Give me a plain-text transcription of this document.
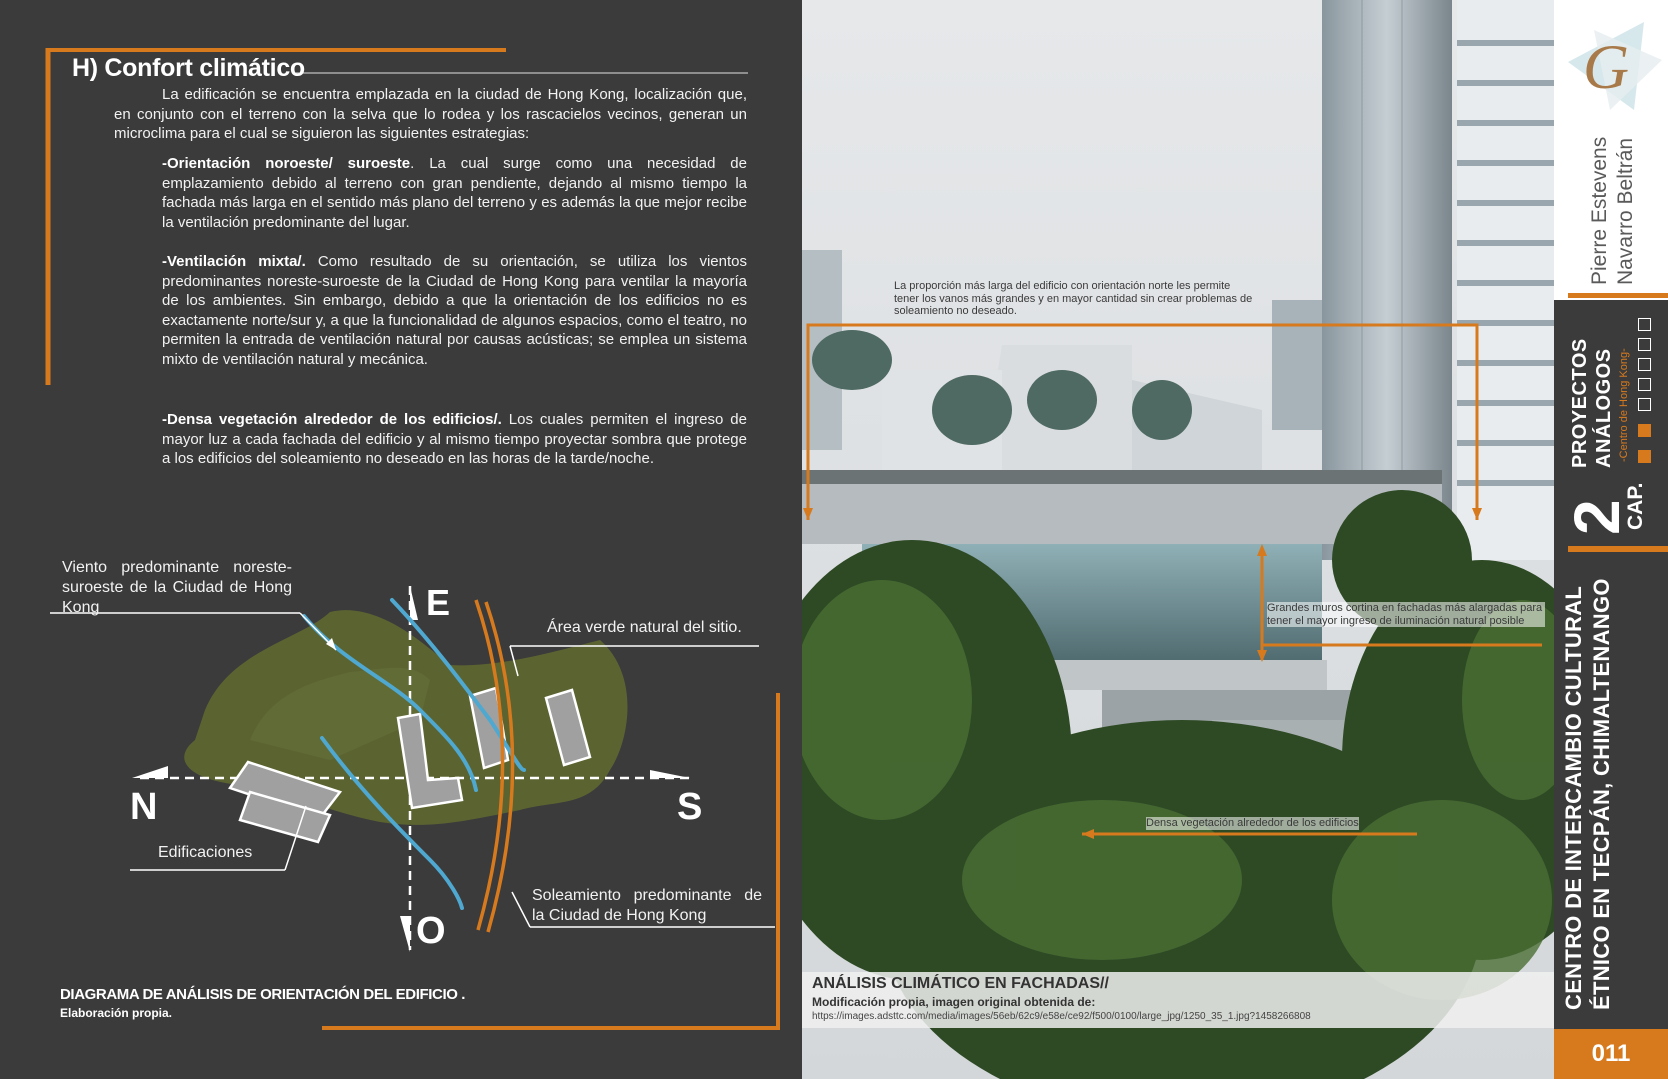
H) Confort climático
La edificación se encuentra emplazada en la ciudad de Hong Kong, localización que, en conjunto con el terreno con la selva que lo rodea y los rascacielos vecinos, generan un microclima para el cual se siguieron las siguientes estrategias:
-Orientación noroeste/ suroeste. La cual surge como una necesidad de emplazamiento debido al terreno con gran pendiente, dejando al mismo tiempo la fachada más larga en el sentido más plano del terreno y es además la que mejor recibe la ventilación predominante del lugar.
-Ventilación mixta/. Como resultado de su orientación, se utiliza los vientos predominantes noreste-suroeste de la Ciudad de Hong Kong para ventilar la mayoría de los ambientes. Sin embargo, debido a que la orientación de los edificios no es exactamente norte/sur y, a que la funcionalidad de algunos espacios, como el teatro, no permiten la entrada de ventilación natural por causas acústicas; se emplea un sistema mixto de ventilación natural y mecánica.
-Densa vegetación alrededor de los edificios/. Los cuales permiten el ingreso de mayor luz a cada fachada del edificio y al mismo tiempo proyectar sombra que protege a los edificios del soleamiento no deseado en las horas de la tarde/noche.
Viento predominante noreste-suroeste de la Ciudad de Hong Kong
Área verde natural del sitio.
Edificaciones
Soleamiento predominante de la Ciudad de Hong Kong
N	S
E
O
DIAGRAMA DE ANÁLISIS DE ORIENTACIÓN DEL EDIFICIO .
Elaboración propia.
La proporción más larga del edificio con orientación norte les permite tener los vanos más grandes y en mayor cantidad sin crear problemas de soleamiento no deseado.
Grandes muros cortina en fachadas más alargadas para tener el mayor ingreso de iluminación natural posible
Densa vegetación alrededor de los edificios
ANÁLISIS CLIMÁTICO EN FACHADAS//
Modificación propia, imagen original obtenida de:
https://images.adsttc.com/media/images/56eb/62c9/e58e/ce92/f500/0100/large_jpg/1250_35_1.jpg?1458266808
G
Pierre Estevens Navarro Beltrán
PROYECTOS ANÁLOGOS -Centro de Hong Kong-
2
CAP.
CENTRO DE INTERCAMBIO CULTURAL ÉTNICO EN TECPÁN, CHIMALTENANGO
011
